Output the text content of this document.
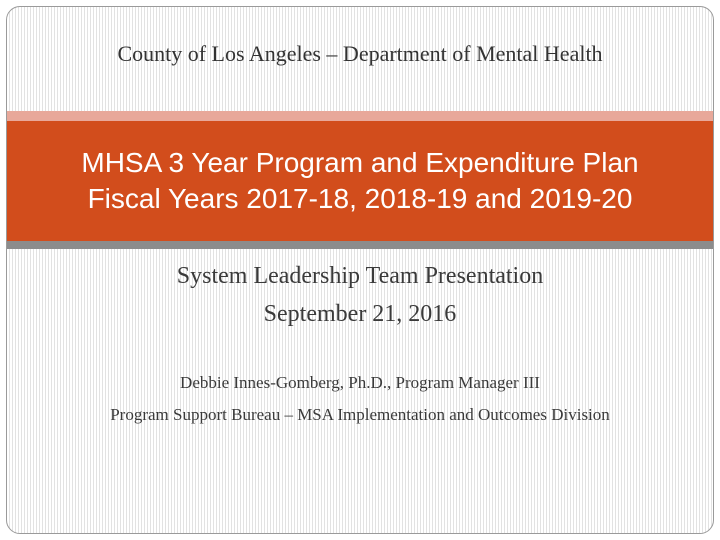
County of Los Angeles – Department of Mental Health
MHSA 3 Year Program and Expenditure Plan
Fiscal Years 2017-18, 2018-19 and 2019-20
System Leadership Team Presentation
September 21, 2016
Debbie Innes-Gomberg, Ph.D., Program Manager III
Program Support Bureau – MSA Implementation and Outcomes Division
